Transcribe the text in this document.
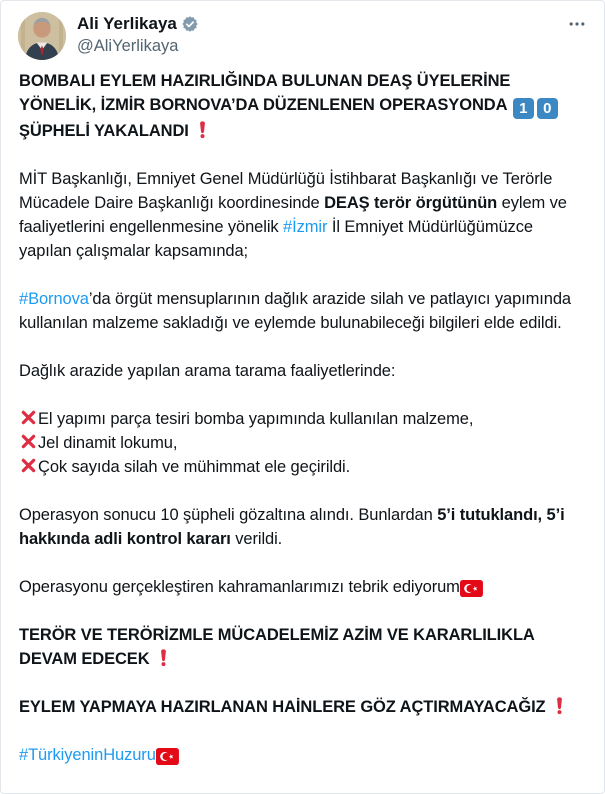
Ali Yerlikaya
@AliYerlikaya

BOMBALI EYLEM HAZIRLIĞINDA BULUNAN DEAŞ ÜYELERİNE YÖNELİK, İZMİR BORNOVA’DA DÜZENLENEN OPERASYONDA 1 0 ŞÜPHELİ YAKALANDI

MİT Başkanlığı, Emniyet Genel Müdürlüğü İstihbarat Başkanlığı ve Terörle Mücadele Daire Başkanlığı koordinesinde DEAŞ terör örgütünün eylem ve faaliyetlerini engellenmesine yönelik #İzmir İl Emniyet Müdürlüğümüzce yapılan çalışmalar kapsamında;

#Bornova’da örgüt mensuplarının dağlık arazide silah ve patlayıcı yapımında kullanılan malzeme sakladığı ve eylemde bulunabileceği bilgileri elde edildi.

Dağlık arazide yapılan arama tarama faaliyetlerinde:

El yapımı parça tesiri bomba yapımında kullanılan malzeme,
Jel dinamit lokumu,
Çok sayıda silah ve mühimmat ele geçirildi.

Operasyon sonucu 10 şüpheli gözaltına alındı. Bunlardan 5’i tutuklandı, 5’i hakkında adli kontrol kararı verildi.

Operasyonu gerçekleştiren kahramanlarımızı tebrik ediyorum

TERÖR VE TERÖRİZMLE MÜCADELEMİZ AZİM VE KARARLILIKLA DEVAM EDECEK

EYLEM YAPMAYA HAZIRLANAN HAİNLERE GÖZ AÇTIRMAYACAĞIZ

#TürkiyeninHuzuru
